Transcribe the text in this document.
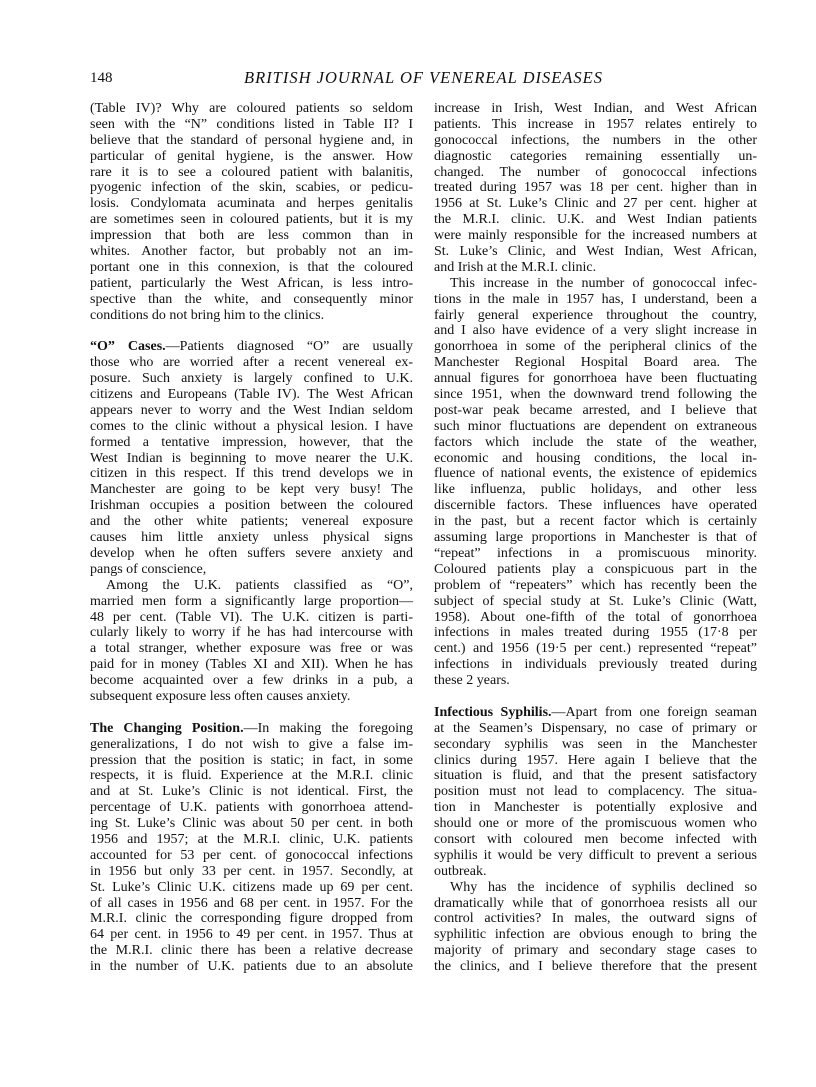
148	BRITISH JOURNAL OF VENEREAL DISEASES
(Table IV)? Why are coloured patients so seldom
seen with the “N” conditions listed in Table II? I
believe that the standard of personal hygiene and, in
particular of genital hygiene, is the answer. How
rare it is to see a coloured patient with balanitis,
pyogenic infection of the skin, scabies, or pedicu-
losis. Condylomata acuminata and herpes genitalis
are sometimes seen in coloured patients, but it is my
impression that both are less common than in
whites. Another factor, but probably not an im-
portant one in this connexion, is that the coloured
patient, particularly the West African, is less intro-
spective than the white, and consequently minor
conditions do not bring him to the clinics.
“O” Cases.—Patients diagnosed “O” are usually
those who are worried after a recent venereal ex-
posure. Such anxiety is largely confined to U.K.
citizens and Europeans (Table IV). The West African
appears never to worry and the West Indian seldom
comes to the clinic without a physical lesion. I have
formed a tentative impression, however, that the
West Indian is beginning to move nearer the U.K.
citizen in this respect. If this trend develops we in
Manchester are going to be kept very busy! The
Irishman occupies a position between the coloured
and the other white patients; venereal exposure
causes him little anxiety unless physical signs
develop when he often suffers severe anxiety and
pangs of conscience,
Among the U.K. patients classified as “O”,
married men form a significantly large proportion—
48 per cent. (Table VI). The U.K. citizen is parti-
cularly likely to worry if he has had intercourse with
a total stranger, whether exposure was free or was
paid for in money (Tables XI and XII). When he has
become acquainted over a few drinks in a pub, a
subsequent exposure less often causes anxiety.
The Changing Position.—In making the foregoing
generalizations, I do not wish to give a false im-
pression that the position is static; in fact, in some
respects, it is fluid. Experience at the M.R.I. clinic
and at St. Luke’s Clinic is not identical. First, the
percentage of U.K. patients with gonorrhoea attend-
ing St. Luke’s Clinic was about 50 per cent. in both
1956 and 1957; at the M.R.I. clinic, U.K. patients
accounted for 53 per cent. of gonococcal infections
in 1956 but only 33 per cent. in 1957. Secondly, at
St. Luke’s Clinic U.K. citizens made up 69 per cent.
of all cases in 1956 and 68 per cent. in 1957. For the
M.R.I. clinic the corresponding figure dropped from
64 per cent. in 1956 to 49 per cent. in 1957. Thus at
the M.R.I. clinic there has been a relative decrease
in the number of U.K. patients due to an absolute
increase in Irish, West Indian, and West African
patients. This increase in 1957 relates entirely to
gonococcal infections, the numbers in the other
diagnostic categories remaining essentially un-
changed. The number of gonococcal infections
treated during 1957 was 18 per cent. higher than in
1956 at St. Luke’s Clinic and 27 per cent. higher at
the M.R.I. clinic. U.K. and West Indian patients
were mainly responsible for the increased numbers at
St. Luke’s Clinic, and West Indian, West African,
and Irish at the M.R.I. clinic.
This increase in the number of gonococcal infec-
tions in the male in 1957 has, I understand, been a
fairly general experience throughout the country,
and I also have evidence of a very slight increase in
gonorrhoea in some of the peripheral clinics of the
Manchester Regional Hospital Board area. The
annual figures for gonorrhoea have been fluctuating
since 1951, when the downward trend following the
post-war peak became arrested, and I believe that
such minor fluctuations are dependent on extraneous
factors which include the state of the weather,
economic and housing conditions, the local in-
fluence of national events, the existence of epidemics
like influenza, public holidays, and other less
discernible factors. These influences have operated
in the past, but a recent factor which is certainly
assuming large proportions in Manchester is that of
“repeat” infections in a promiscuous minority.
Coloured patients play a conspicuous part in the
problem of “repeaters” which has recently been the
subject of special study at St. Luke’s Clinic (Watt,
1958). About one-fifth of the total of gonorrhoea
infections in males treated during 1955 (17·8 per
cent.) and 1956 (19·5 per cent.) represented “repeat”
infections in individuals previously treated during
these 2 years.
Infectious Syphilis.—Apart from one foreign seaman
at the Seamen’s Dispensary, no case of primary or
secondary syphilis was seen in the Manchester
clinics during 1957. Here again I believe that the
situation is fluid, and that the present satisfactory
position must not lead to complacency. The situa-
tion in Manchester is potentially explosive and
should one or more of the promiscuous women who
consort with coloured men become infected with
syphilis it would be very difficult to prevent a serious
outbreak.
Why has the incidence of syphilis declined so
dramatically while that of gonorrhoea resists all our
control activities? In males, the outward signs of
syphilitic infection are obvious enough to bring the
majority of primary and secondary stage cases to
the clinics, and I believe therefore that the present
